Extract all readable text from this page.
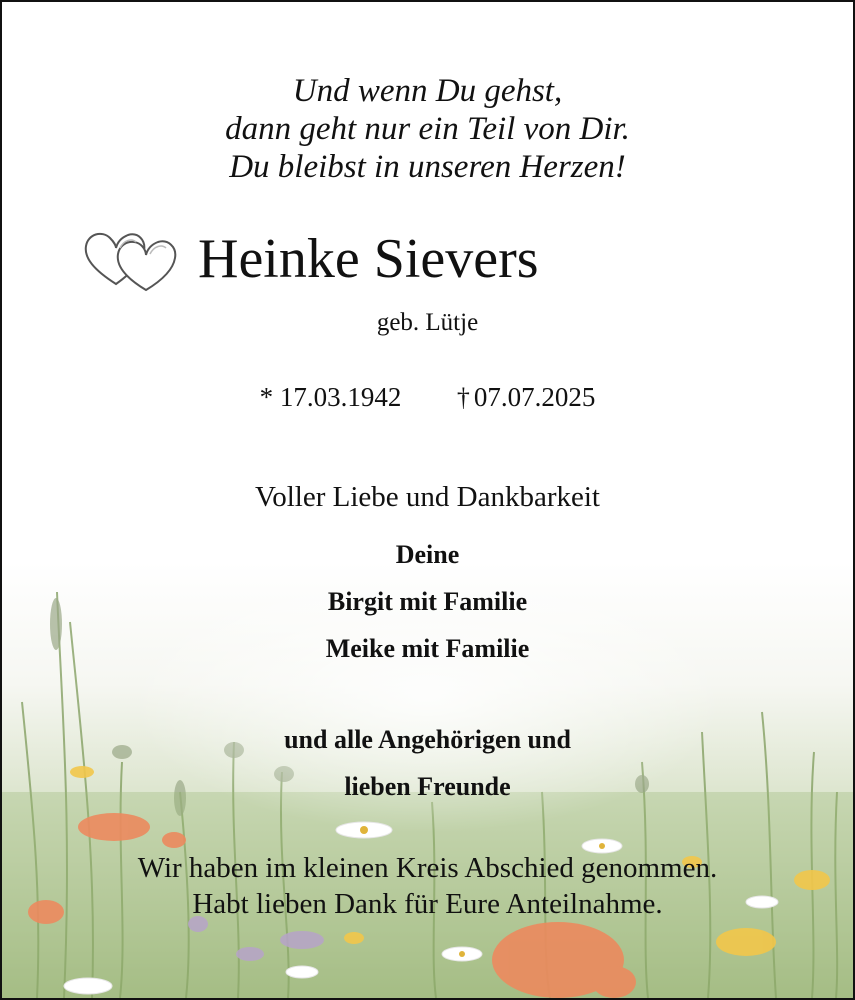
Und wenn Du gehst,
dann geht nur ein Teil von Dir.
Du bleibst in unseren Herzen!
Heinke Sievers
geb. Lütje
* 17.03.1942 † 07.07.2025
Voller Liebe und Dankbarkeit
Deine
Birgit mit Familie
Meike mit Familie
und alle Angehörigen und
lieben Freunde
Wir haben im kleinen Kreis Abschied genommen.
Habt lieben Dank für Eure Anteilnahme.
